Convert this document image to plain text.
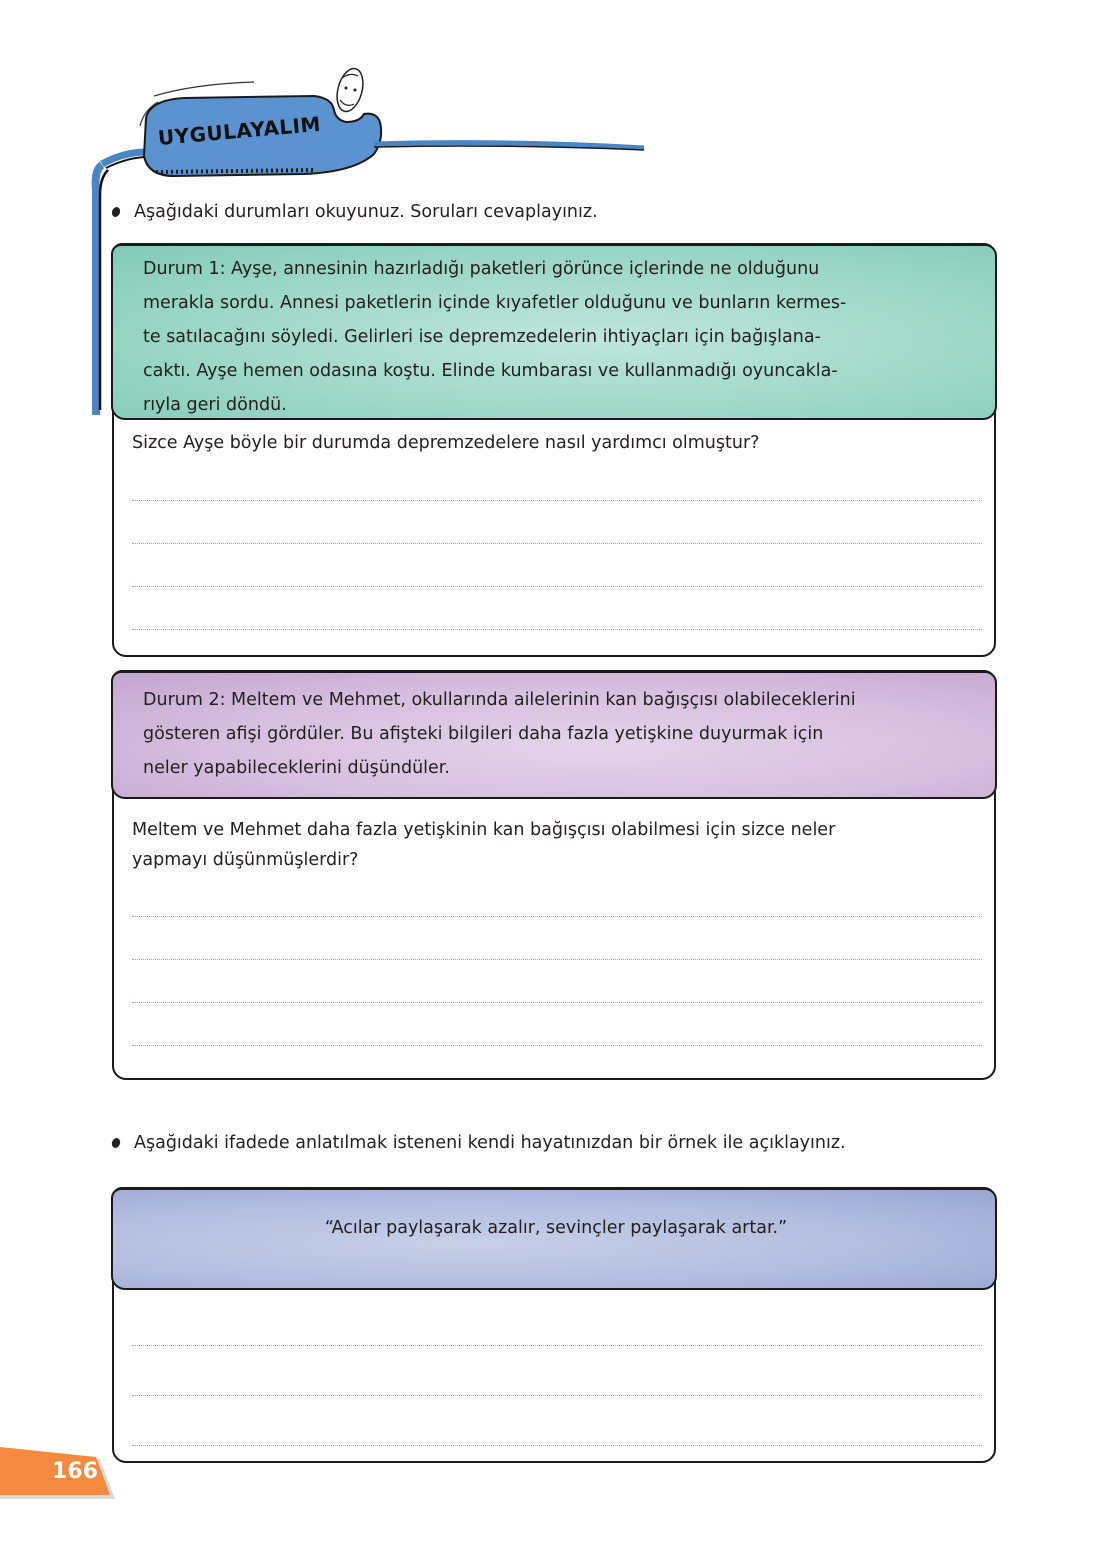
UYGULAYALIM
Aşağıdaki durumları okuyunuz. Soruları cevaplayınız.
Durum 1: Ayşe, annesinin hazırladığı paketleri görünce içlerinde ne olduğunu
merakla sordu. Annesi paketlerin içinde kıyafetler olduğunu ve bunların kermes-
te satılacağını söyledi. Gelirleri ise depremzedelerin ihtiyaçları için bağışlana-
caktı. Ayşe hemen odasına koştu. Elinde kumbarası ve kullanmadığı oyuncakla-
rıyla geri döndü.
Sizce Ayşe böyle bir durumda depremzedelere nasıl yardımcı olmuştur?
Durum 2: Meltem ve Mehmet, okullarında ailelerinin kan bağışçısı olabileceklerini
gösteren afişi gördüler. Bu afişteki bilgileri daha fazla yetişkine duyurmak için
neler yapabileceklerini düşündüler.
Meltem ve Mehmet daha fazla yetişkinin kan bağışçısı olabilmesi için sizce neler
yapmayı düşünmüşlerdir?
Aşağıdaki ifadede anlatılmak isteneni kendi hayatınızdan bir örnek ile açıklayınız.
“Acılar paylaşarak azalır, sevinçler paylaşarak artar.”
166
